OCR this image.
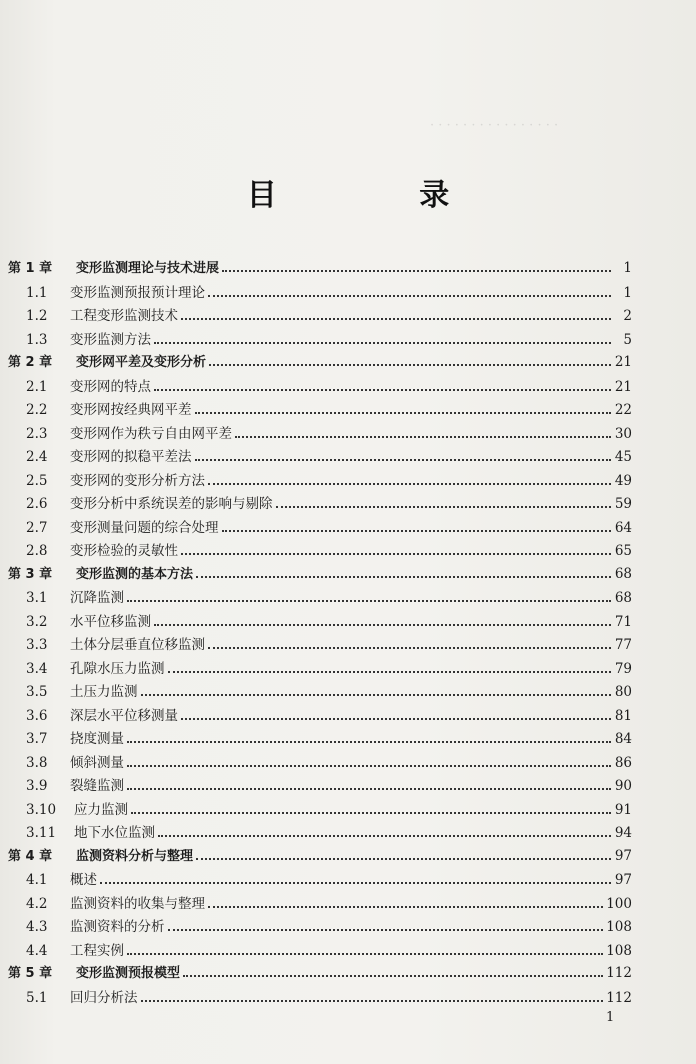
· · · · · · · · · · · · · · · ·
目 录
第 1 章	变形监测理论与技术进展	1
1.1	变形监测预报预计理论	1
1.2	工程变形监测技术	2
1.3	变形监测方法	5
第 2 章	变形网平差及变形分析	21
2.1	变形网的特点	21
2.2	变形网按经典网平差	22
2.3	变形网作为秩亏自由网平差	30
2.4	变形网的拟稳平差法	45
2.5	变形网的变形分析方法	49
2.6	变形分析中系统误差的影响与剔除	59
2.7	变形测量问题的综合处理	64
2.8	变形检验的灵敏性	65
第 3 章	变形监测的基本方法	68
3.1	沉降监测	68
3.2	水平位移监测	71
3.3	土体分层垂直位移监测	77
3.4	孔隙水压力监测	79
3.5	土压力监测	80
3.6	深层水平位移测量	81
3.7	挠度测量	84
3.8	倾斜测量	86
3.9	裂缝监测	90
3.10	应力监测	91
3.11	地下水位监测	94
第 4 章	监测资料分析与整理	97
4.1	概述	97
4.2	监测资料的收集与整理	100
4.3	监测资料的分析	108
4.4	工程实例	108
第 5 章	变形监测预报模型	112
5.1	回归分析法	112
1
